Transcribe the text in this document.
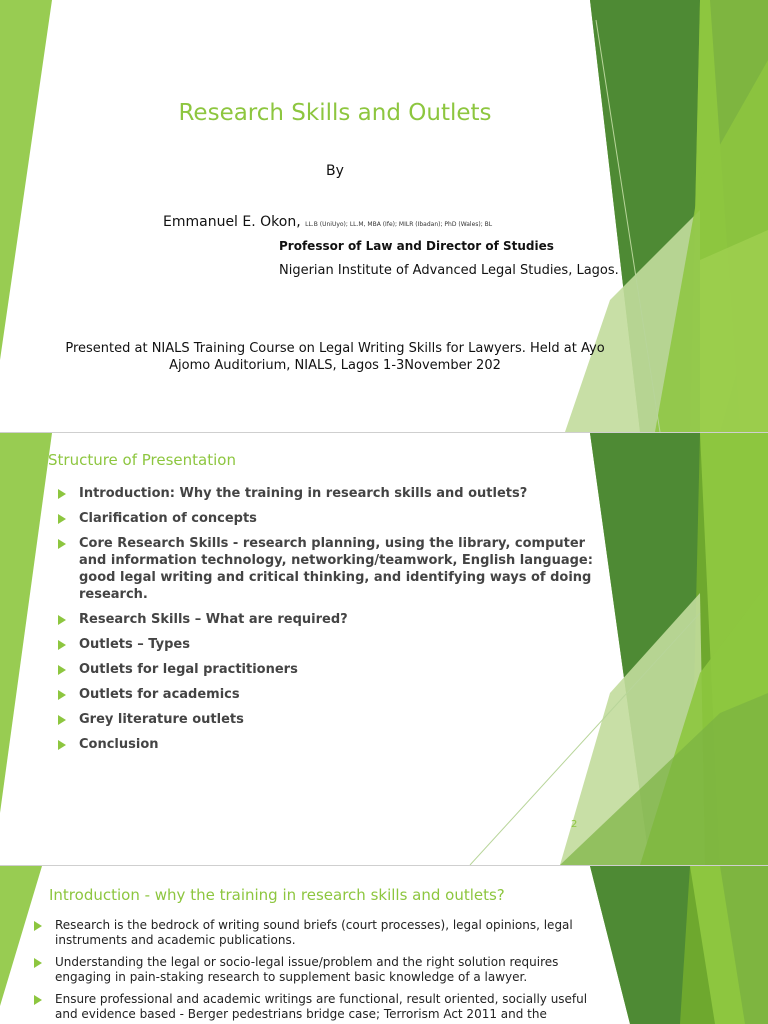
Research Skills and Outlets
By
Emmanuel E. Okon, LL.B (UniUyo); LL.M, MBA (Ife); MILR (Ibadan); PhD (Wales); BL
Professor of Law and Director of Studies
Nigerian Institute of Advanced Legal Studies, Lagos.
Presented at NIALS Training Course on Legal Writing Skills for Lawyers. Held at Ayo Ajomo Auditorium, NIALS, Lagos 1-3November 202
Structure of Presentation
Introduction: Why the training in research skills and outlets?
Clarification of concepts
Core Research Skills - research planning, using the library, computer and information technology, networking/teamwork, English language: good legal writing and critical thinking, and identifying ways of doing research.
Research Skills – What are required?
Outlets – Types
Outlets for legal practitioners
Outlets for academics
Grey literature outlets
Conclusion
2
Introduction - why the training in research skills and outlets?
Research is the bedrock of writing sound briefs (court processes), legal opinions, legal instruments and academic publications.
Understanding the legal or socio-legal issue/problem and the right solution requires engaging in pain-staking research to supplement basic knowledge of a lawyer.
Ensure professional and academic writings are functional, result oriented, socially useful and evidence based - Berger pedestrians bridge case; Terrorism Act 2011 and the
